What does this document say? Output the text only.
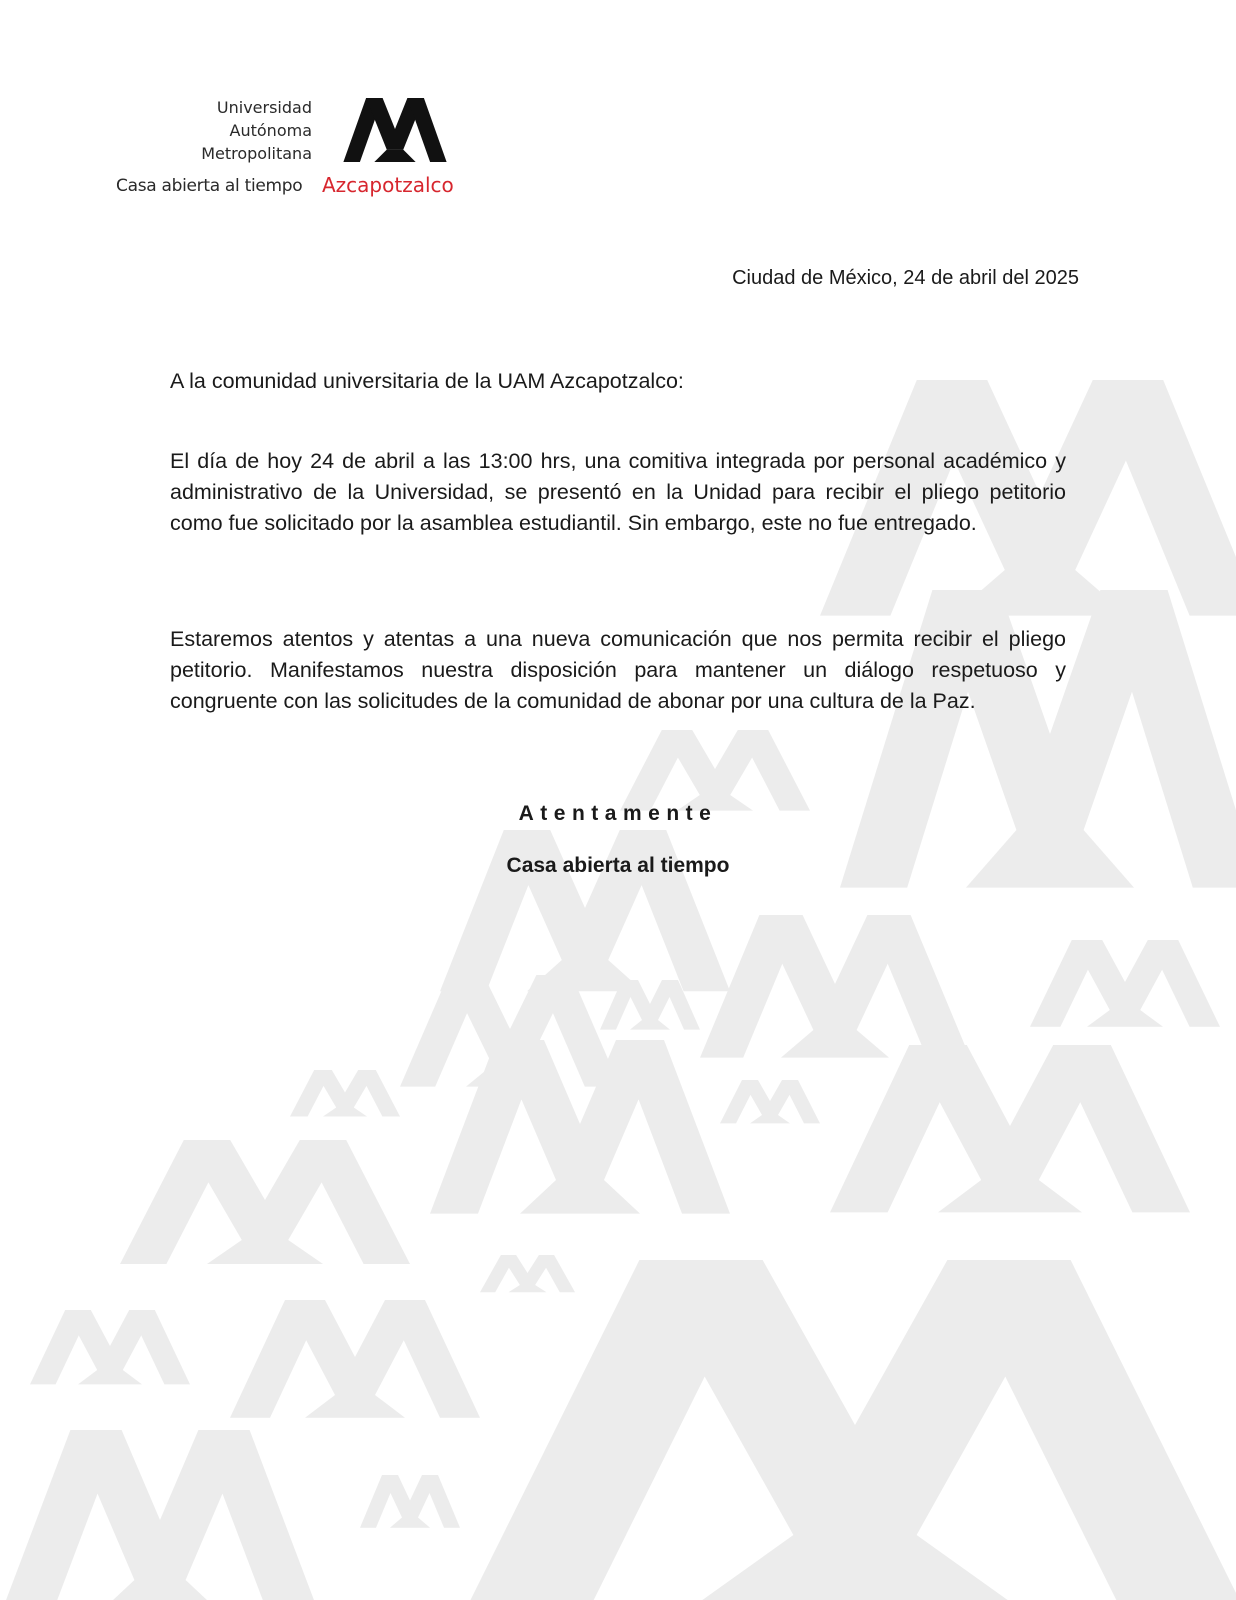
Universidad
Autónoma
Metropolitana
Casa abierta al tiempo Azcapotzalco
Ciudad de México, 24 de abril del 2025

A la comunidad universitaria de la UAM Azcapotzalco:

El día de hoy 24 de abril a las 13:00 hrs, una comitiva integrada por personal académico y administrativo de la Universidad, se presentó en la Unidad para recibir el pliego petitorio como fue solicitado por la asamblea estudiantil. Sin embargo, este no fue entregado.

Estaremos atentos y atentas a una nueva comunicación que nos permita recibir el pliego petitorio. Manifestamos nuestra disposición para mantener un diálogo respetuoso y congruente con las solicitudes de la comunidad de abonar por una cultura de la Paz.

Atentamente
Casa abierta al tiempo
